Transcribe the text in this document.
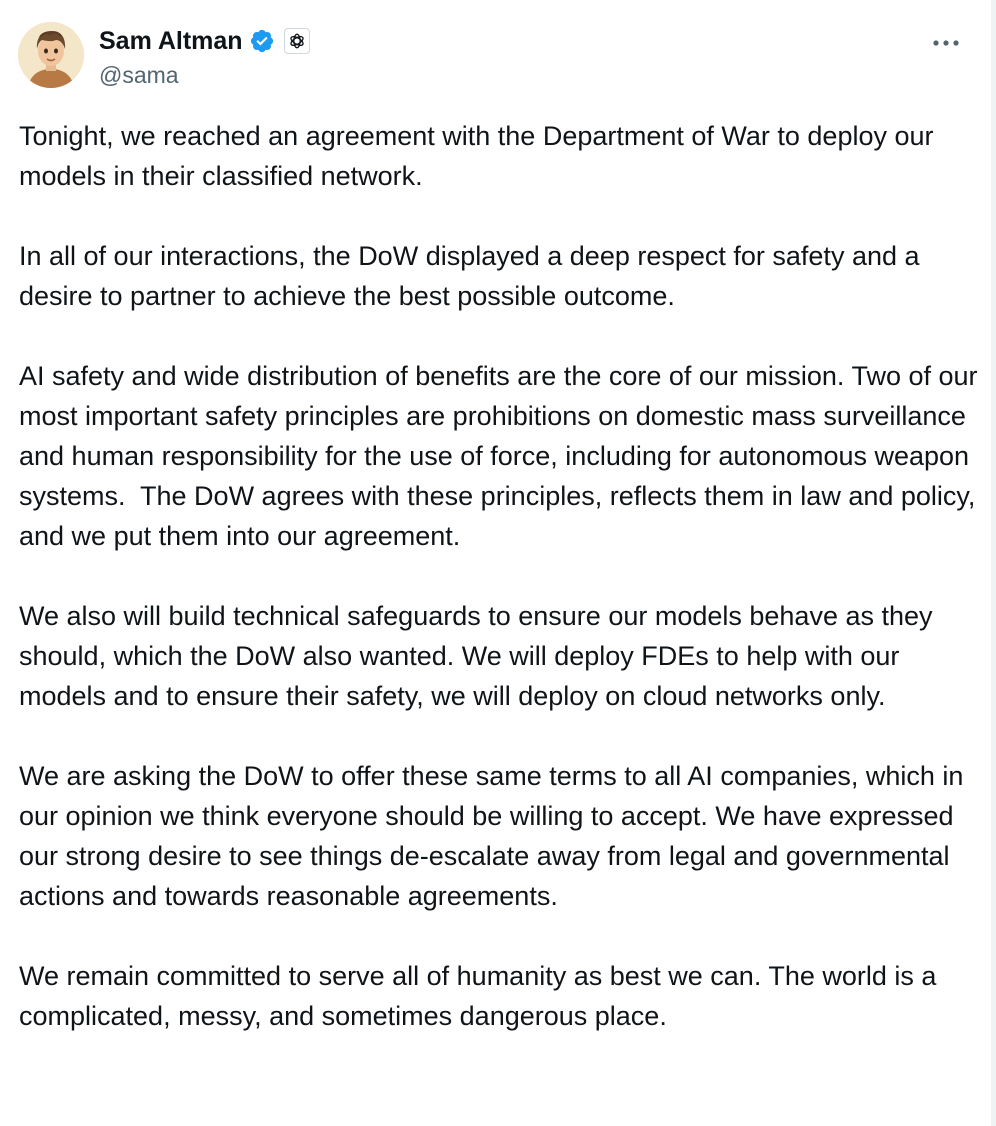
Sam Altman
@sama

Tonight, we reached an agreement with the Department of War to deploy our models in their classified network.

In all of our interactions, the DoW displayed a deep respect for safety and a desire to partner to achieve the best possible outcome.

AI safety and wide distribution of benefits are the core of our mission. Two of our most important safety principles are prohibitions on domestic mass surveillance and human responsibility for the use of force, including for autonomous weapon systems.  The DoW agrees with these principles, reflects them in law and policy, and we put them into our agreement.

We also will build technical safeguards to ensure our models behave as they should, which the DoW also wanted. We will deploy FDEs to help with our models and to ensure their safety, we will deploy on cloud networks only.

We are asking the DoW to offer these same terms to all AI companies, which in our opinion we think everyone should be willing to accept. We have expressed our strong desire to see things de-escalate away from legal and governmental actions and towards reasonable agreements.

We remain committed to serve all of humanity as best we can. The world is a complicated, messy, and sometimes dangerous place.
